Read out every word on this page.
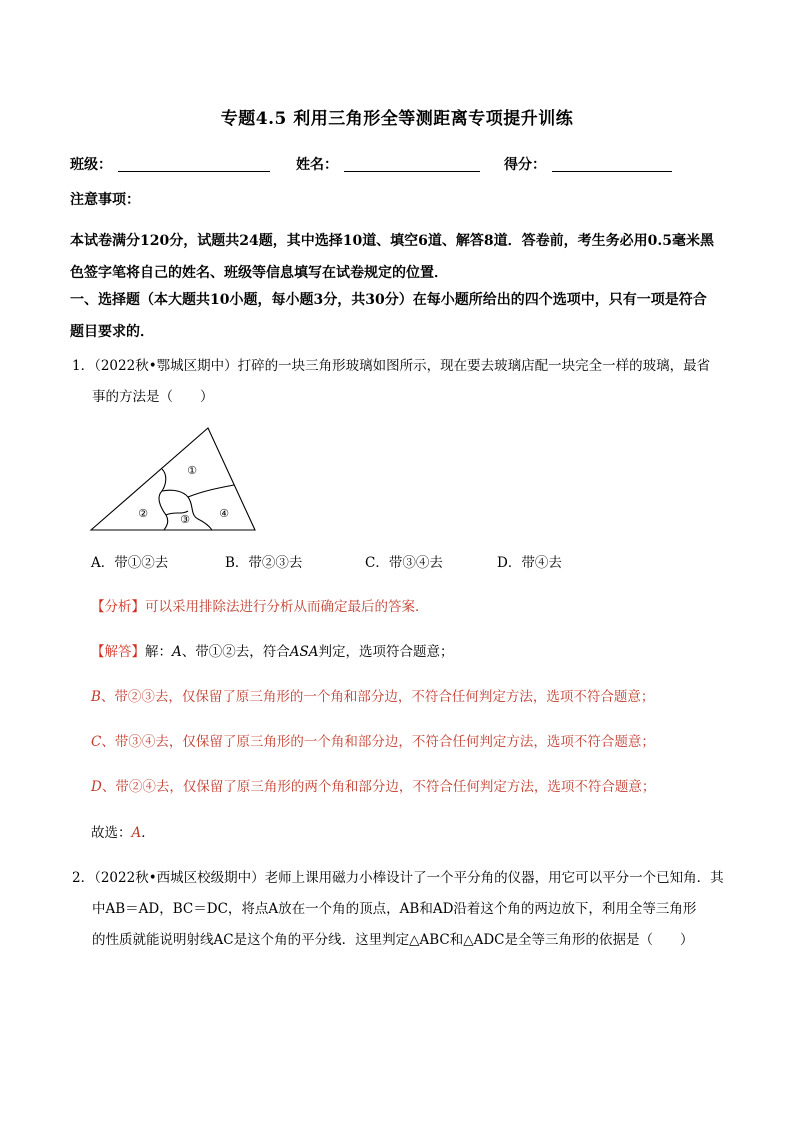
专题4.5 利用三角形全等测距离专项提升训练
班级：	姓名：	得分：
注意事项：
本试卷满分120分，试题共24题，其中选择10道、填空6道、解答8道．答卷前，考生务必用0.5毫米黑
色签字笔将自己的姓名、班级等信息填写在试卷规定的位置．
一、选择题（本大题共10小题，每小题3分，共30分）在每小题所给出的四个选项中，只有一项是符合
题目要求的．
1．（2022秋•鄂城区期中）打碎的一块三角形玻璃如图所示，现在要去玻璃店配一块完全一样的玻璃，最省
事的方法是（　　）
①
②	③	④
A．带①②去	B．带②③去	C．带③④去	D．带④去
【分析】可以采用排除法进行分析从而确定最后的答案．
【解答】解：A、带①②去，符合ASA判定，选项符合题意；
B、带②③去，仅保留了原三角形的一个角和部分边，不符合任何判定方法，选项不符合题意；
C、带③④去，仅保留了原三角形的一个角和部分边，不符合任何判定方法，选项不符合题意；
D、带②④去，仅保留了原三角形的两个角和部分边，不符合任何判定方法，选项不符合题意；
故选：A．
2．（2022秋•西城区校级期中）老师上课用磁力小棒设计了一个平分角的仪器，用它可以平分一个已知角．其
中AB＝AD，BC＝DC，将点A放在一个角的顶点，AB和AD沿着这个角的两边放下，利用全等三角形
的性质就能说明射线AC是这个角的平分线．这里判定△ABC和△ADC是全等三角形的依据是（　　）
